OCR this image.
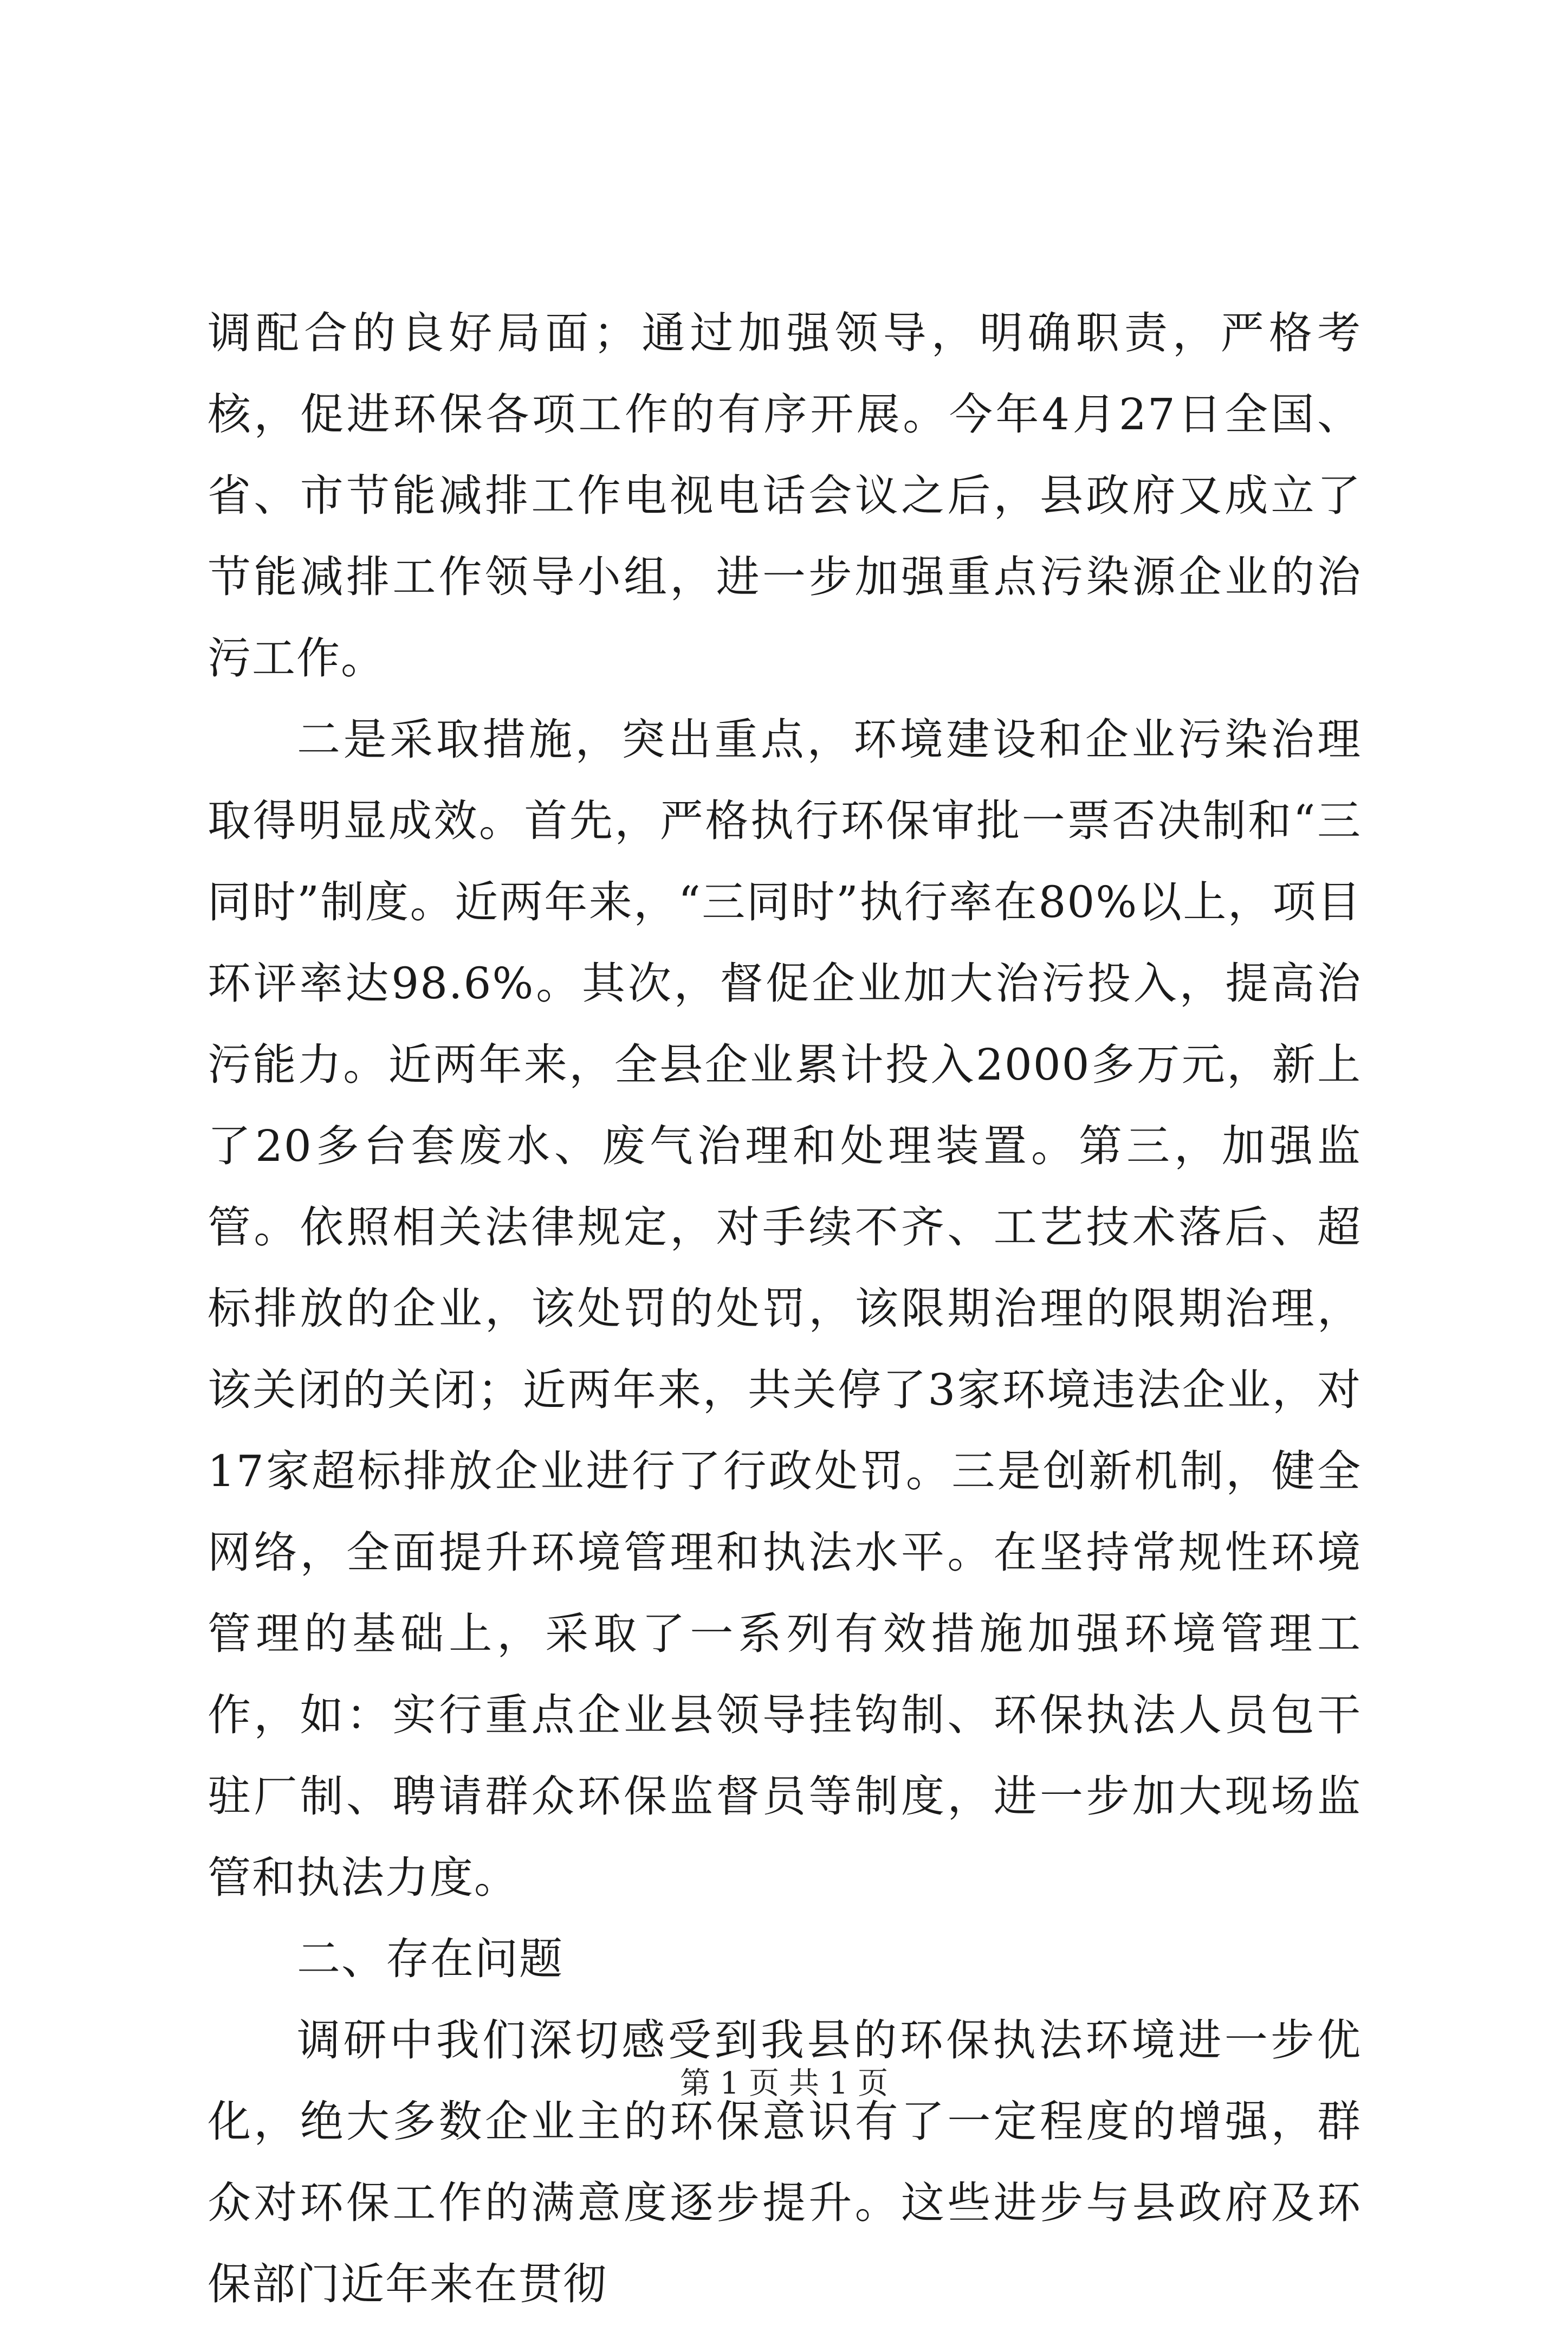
调配合的良好局面；通过加强领导，明确职责，严格考核，促进环保各项工作的有序开展。今年4月27日全国、省、市节能减排工作电视电话会议之后，县政府又成立了节能减排工作领导小组，进一步加强重点污染源企业的治污工作。

二是采取措施，突出重点，环境建设和企业污染治理取得明显成效。首先，严格执行环保审批一票否决制和“三同时”制度。近两年来，“三同时”执行率在80%以上，项目环评率达98.6%。其次，督促企业加大治污投入，提高治污能力。近两年来，全县企业累计投入2000多万元，新上了20多台套废水、废气治理和处理装置。第三，加强监管。依照相关法律规定，对手续不齐、工艺技术落后、超标排放的企业，该处罚的处罚，该限期治理的限期治理，该关闭的关闭；近两年来，共关停了3家环境违法企业，对17家超标排放企业进行了行政处罚。三是创新机制，健全网络，全面提升环境管理和执法水平。在坚持常规性环境管理的基础上，采取了一系列有效措施加强环境管理工作，如：实行重点企业县领导挂钩制、环保执法人员包干驻厂制、聘请群众环保监督员等制度，进一步加大现场监管和执法力度。

二、存在问题

调研中我们深切感受到我县的环保执法环境进一步优化，绝大多数企业主的环保意识有了一定程度的增强，群众对环保工作的满意度逐步提升。这些进步与县政府及环保部门近年来在贯彻

第 1 页 共 1 页
